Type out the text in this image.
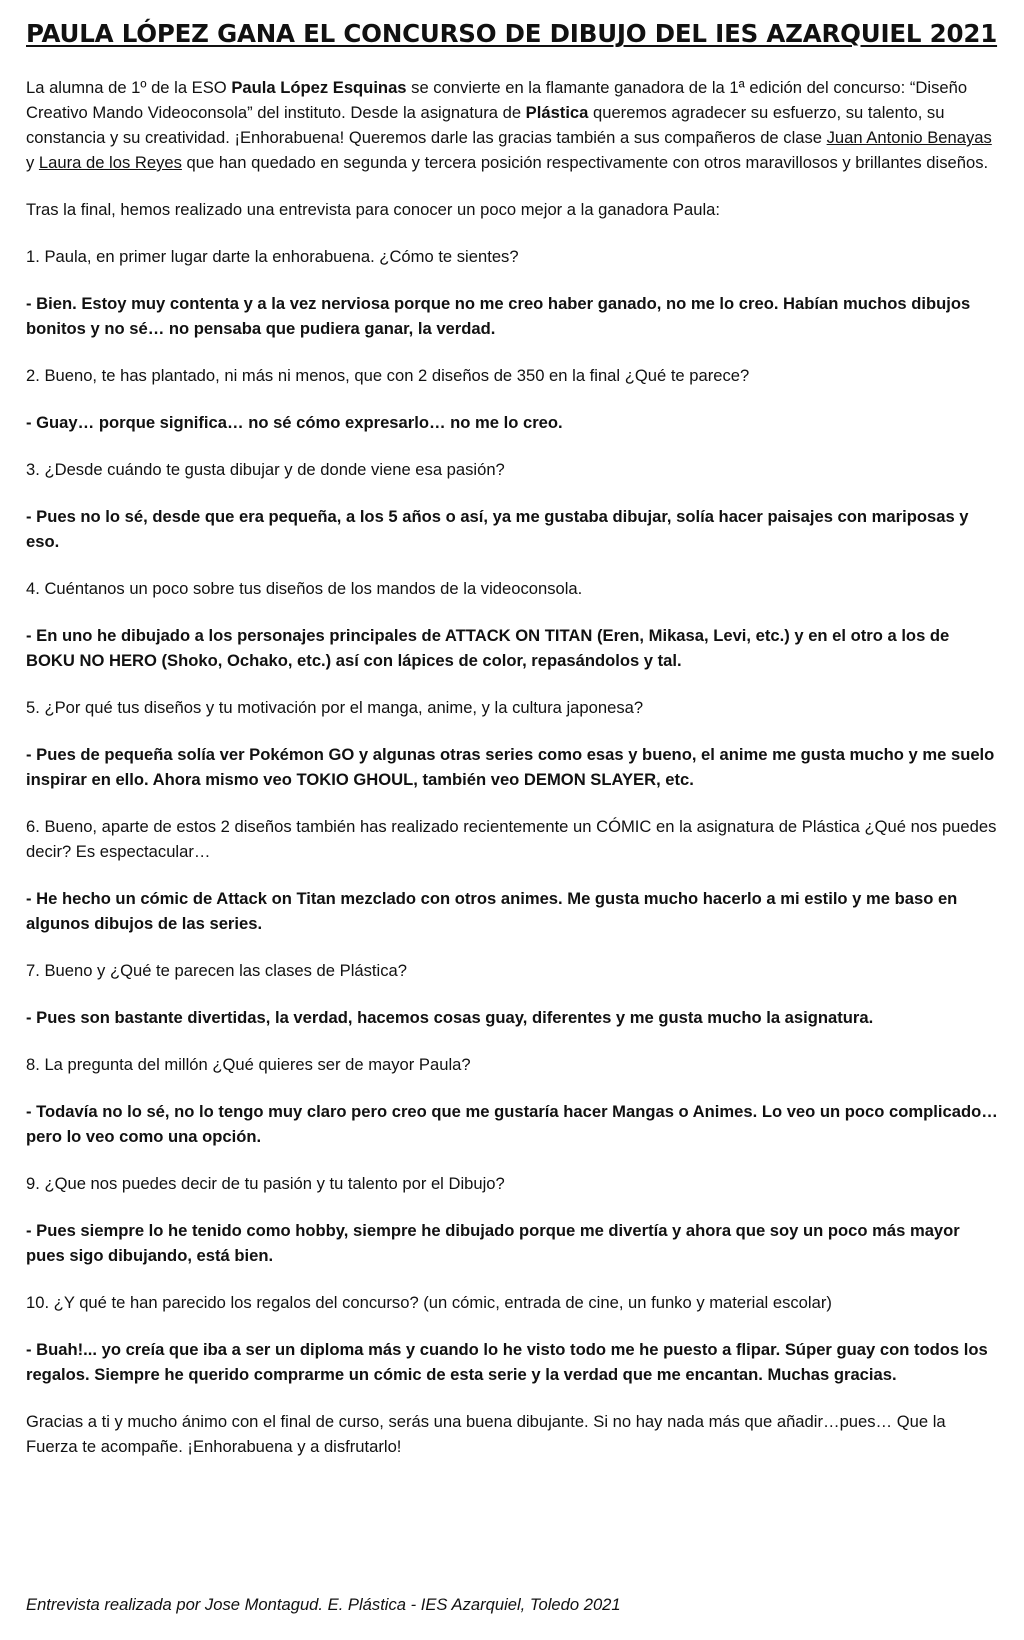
PAULA LÓPEZ GANA EL CONCURSO DE DIBUJO DEL IES AZARQUIEL 2021

La alumna de 1º de la ESO Paula López Esquinas se convierte en la flamante ganadora de la 1ª edición del concurso: “Diseño Creativo Mando Videoconsola” del instituto. Desde la asignatura de Plástica queremos agradecer su esfuerzo, su talento, su constancia y su creatividad. ¡Enhorabuena! Queremos darle las gracias también a sus compañeros de clase Juan Antonio Benayas y Laura de los Reyes que han quedado en segunda y tercera posición respectivamente con otros maravillosos y brillantes diseños.

Tras la final, hemos realizado una entrevista para conocer un poco mejor a la ganadora Paula:

1. Paula, en primer lugar darte la enhorabuena. ¿Cómo te sientes?

- Bien. Estoy muy contenta y a la vez nerviosa porque no me creo haber ganado, no me lo creo. Habían muchos dibujos bonitos y no sé… no pensaba que pudiera ganar, la verdad.

2. Bueno, te has plantado, ni más ni menos, que con 2 diseños de 350 en la final ¿Qué te parece?

- Guay… porque significa… no sé cómo expresarlo… no me lo creo.

3. ¿Desde cuándo te gusta dibujar y de donde viene esa pasión?

- Pues no lo sé, desde que era pequeña, a los 5 años o así, ya me gustaba dibujar, solía hacer paisajes con mariposas y eso.

4. Cuéntanos un poco sobre tus diseños de los mandos de la videoconsola.

- En uno he dibujado a los personajes principales de ATTACK ON TITAN (Eren, Mikasa, Levi, etc.) y en el otro a los de BOKU NO HERO (Shoko, Ochako, etc.) así con lápices de color, repasándolos y tal.

5. ¿Por qué tus diseños y tu motivación por el manga, anime, y la cultura japonesa?

- Pues de pequeña solía ver Pokémon GO y algunas otras series como esas y bueno, el anime me gusta mucho y me suelo inspirar en ello. Ahora mismo veo TOKIO GHOUL, también veo DEMON SLAYER, etc.

6. Bueno, aparte de estos 2 diseños también has realizado recientemente un CÓMIC en la asignatura de Plástica ¿Qué nos puedes decir? Es espectacular…

- He hecho un cómic de Attack on Titan mezclado con otros animes. Me gusta mucho hacerlo a mi estilo y me baso en algunos dibujos de las series.

7. Bueno y ¿Qué te parecen las clases de Plástica?

- Pues son bastante divertidas, la verdad, hacemos cosas guay, diferentes y me gusta mucho la asignatura.

8. La pregunta del millón ¿Qué quieres ser de mayor Paula?

- Todavía no lo sé, no lo tengo muy claro pero creo que me gustaría hacer Mangas o Animes. Lo veo un poco complicado… pero lo veo como una opción.

9. ¿Que nos puedes decir de tu pasión y tu talento por el Dibujo?

- Pues siempre lo he tenido como hobby, siempre he dibujado porque me divertía y ahora que soy un poco más mayor pues sigo dibujando, está bien.

10. ¿Y qué te han parecido los regalos del concurso? (un cómic, entrada de cine, un funko y material escolar)

- Buah!... yo creía que iba a ser un diploma más y cuando lo he visto todo me he puesto a flipar. Súper guay con todos los regalos. Siempre he querido comprarme un cómic de esta serie y la verdad que me encantan. Muchas gracias.

Gracias a ti y mucho ánimo con el final de curso, serás una buena dibujante. Si no hay nada más que añadir…pues… Que la Fuerza te acompañe. ¡Enhorabuena y a disfrutarlo!

Entrevista realizada por Jose Montagud. E. Plástica - IES Azarquiel, Toledo 2021
